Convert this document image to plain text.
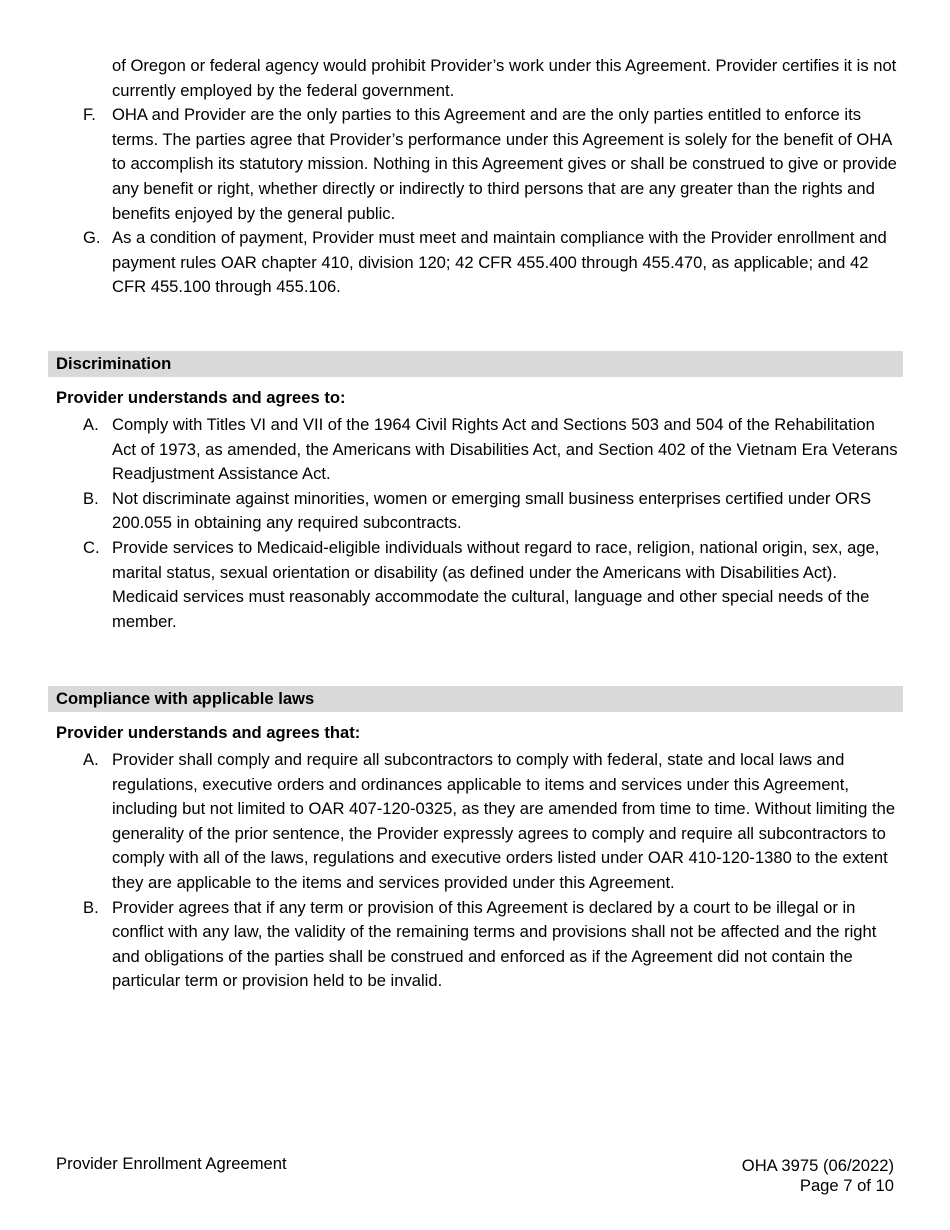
of Oregon or federal agency would prohibit Provider’s work under this Agreement. Provider certifies it is not currently employed by the federal government.
F. OHA and Provider are the only parties to this Agreement and are the only parties entitled to enforce its terms. The parties agree that Provider’s performance under this Agreement is solely for the benefit of OHA to accomplish its statutory mission. Nothing in this Agreement gives or shall be construed to give or provide any benefit or right, whether directly or indirectly to third persons that are any greater than the rights and benefits enjoyed by the general public.
G. As a condition of payment, Provider must meet and maintain compliance with the Provider enrollment and payment rules OAR chapter 410, division 120; 42 CFR 455.400 through 455.470, as applicable; and 42 CFR 455.100 through 455.106.
Discrimination
Provider understands and agrees to:
A. Comply with Titles VI and VII of the 1964 Civil Rights Act and Sections 503 and 504 of the Rehabilitation Act of 1973, as amended, the Americans with Disabilities Act, and Section 402 of the Vietnam Era Veterans Readjustment Assistance Act.
B. Not discriminate against minorities, women or emerging small business enterprises certified under ORS 200.055 in obtaining any required subcontracts.
C. Provide services to Medicaid-eligible individuals without regard to race, religion, national origin, sex, age, marital status, sexual orientation or disability (as defined under the Americans with Disabilities Act). Medicaid services must reasonably accommodate the cultural, language and other special needs of the member.
Compliance with applicable laws
Provider understands and agrees that:
A. Provider shall comply and require all subcontractors to comply with federal, state and local laws and regulations, executive orders and ordinances applicable to items and services under this Agreement, including but not limited to OAR 407-120-0325, as they are amended from time to time. Without limiting the generality of the prior sentence, the Provider expressly agrees to comply and require all subcontractors to comply with all of the laws, regulations and executive orders listed under OAR 410-120-1380 to the extent they are applicable to the items and services provided under this Agreement.
B. Provider agrees that if any term or provision of this Agreement is declared by a court to be illegal or in conflict with any law, the validity of the remaining terms and provisions shall not be affected and the right and obligations of the parties shall be construed and enforced as if the Agreement did not contain the particular term or provision held to be invalid.
Provider Enrollment Agreement	OHA 3975 (06/2022)
Page 7 of 10
